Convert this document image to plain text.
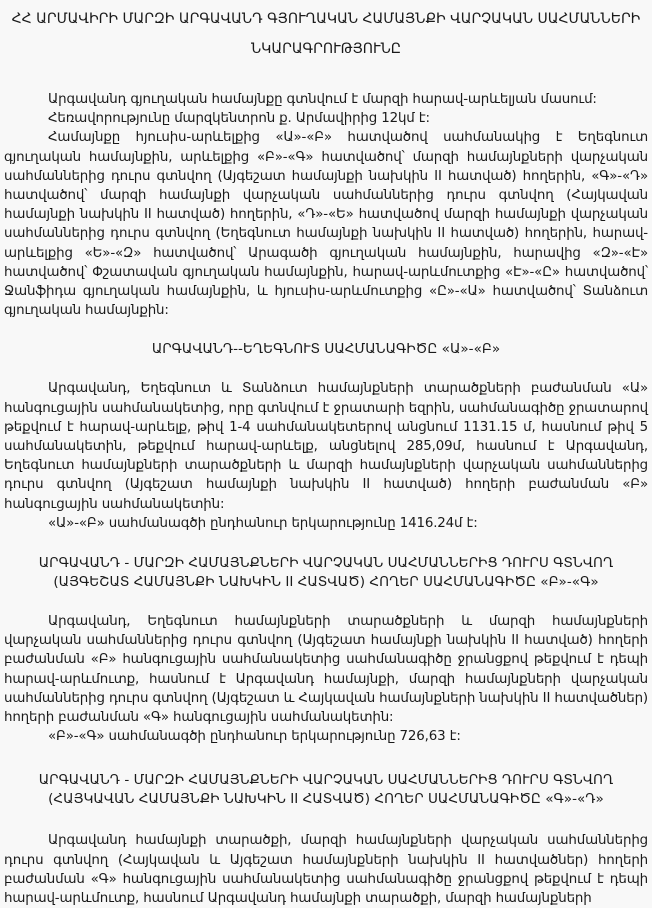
ՀՀ ԱՐՄԱՎԻՐԻ ՄԱՐԶԻ ԱՐԳԱՎԱՆԴ ԳՅՈՒՂԱԿԱՆ ՀԱՄԱՅՆՔԻ ՎԱՐՉԱԿԱՆ ՍԱՀՄԱՆՆԵՐԻ
ՆԿԱՐԱԳՐՈՒԹՅՈՒՆԸ

Արգավանդ գյուղական համայնքը գտնվում է մարզի հարավ-արևելյան մասում:

Հեռավորությունը մարզկենտրոն ք. Արմավիրից 12կմ է:

Համայնքը հյուսիս-արևելքից «Ա»-«Բ» հատվածով սահմանակից է Եղեգնուտ գյուղական համայնքին, արևելքից «Բ»-«Գ» հատվածով՝ մարզի համայնքների վարչական սահմաններից դուրս գտնվող (Այգեշատ համայնքի նախկին II հատված) հողերին, «Գ»-«Դ» հատվածով՝ մարզի համայնքի վարչական սահմաններից դուրս գտնվող (Հայկավան համայնքի նախկին II հատված) հողերին, «Դ»-«Ե» հատվածով մարզի համայնքի վարչական սահմաններից դուրս գտնվող (Եղեգնուտ համայնքի նախկին II հատված) հողերին, հարավ-արևելքից «Ե»-«Զ» հատվածով՝ Արագածի գյուղական համայնքին, հարավից «Զ»-«Է» հատվածով՝ Փշատավան գյուղական համայնքին, հարավ-արևմուտքից «Է»-«Ը» հատվածով՝ Ջանֆիդա գյուղական համայնքին, և հյուսիս-արևմուտքից «Ը»-«Ա» հատվածով՝ Տանձուտ գյուղական համայնքին:

ԱՐԳԱՎԱՆԴ--ԵՂԵԳՆՈՒՏ ՍԱՀՄԱՆԱԳԻԾԸ «Ա»-«Բ»

Արգավանդ, Եղեգնուտ և Տանձուտ համայնքների տարածքների բաժանման «Ա» հանգուցային սահմանակետից, որը գտնվում է ջրատարի եզրին, սահմանագիծը ջրատարով թեքվում է հարավ-արևելք, թիվ 1-4 սահմանակետերով անցնում 1131.15 մ, հասնում թիվ 5 սահմանակետին, թեքվում հարավ-արևելք, անցնելով 285,09մ, հասնում է Արգավանդ, Եղեգնուտ համայնքների տարածքների և մարզի համայնքների վարչական սահմաններից դուրս գտնվող (Այգեշատ համայնքի նախկին II հատված) հողերի բաժանման «Բ» հանգուցային սահմանակետին:

«Ա»-«Բ» սահմանագծի ընդհանուր երկարությունը 1416.24մ է:

ԱՐԳԱՎԱՆԴ - ՄԱՐԶԻ ՀԱՄԱՅՆՔՆԵՐԻ ՎԱՐՉԱԿԱՆ ՍԱՀՄԱՆՆԵՐԻՑ ԴՈՒՐՍ ԳՏՆՎՈՂ
(ԱՅԳԵՇԱՏ ՀԱՄԱՅՆՔԻ ՆԱԽԿԻՆ II ՀԱՏՎԱԾ) ՀՈՂԵՐ ՍԱՀՄԱՆԱԳԻԾԸ «Բ»-«Գ»

Արգավանդ, Եղեգնուտ համայնքների տարածքների և մարզի համայնքների վարչական սահմաններից դուրս գտնվող (Այգեշատ համայնքի նախկին II հատված) հողերի բաժանման «Բ» հանգուցային սահմանակետից սահմանագիծը ջրանցքով թեքվում է դեպի հարավ-արևմուտք, հասնում է Արգավանդ համայնքի, մարզի համայնքների վարչական սահմաններից դուրս գտնվող (Այգեշատ և Հայկավան համայնքների նախկին II հատվածներ) հողերի բաժանման «Գ» հանգուցային սահմանակետին:

«Բ»-«Գ» սահմանագծի ընդհանուր երկարությունը 726,63 է:

ԱՐԳԱՎԱՆԴ - ՄԱՐԶԻ ՀԱՄԱՅՆՔՆԵՐԻ ՎԱՐՉԱԿԱՆ ՍԱՀՄԱՆՆԵՐԻՑ ԴՈՒՐՍ ԳՏՆՎՈՂ
(ՀԱՅԿԱՎԱՆ ՀԱՄԱՅՆՔԻ ՆԱԽԿԻՆ II ՀԱՏՎԱԾ) ՀՈՂԵՐ ՍԱՀՄԱՆԱԳԻԾԸ «Գ»-«Դ»

Արգավանդ համայնքի տարածքի, մարզի համայնքների վարչական սահմաններից դուրս գտնվող (Հայկավան և Այգեշատ համայնքների նախկին II հատվածներ) հողերի բաժանման «Գ» հանգուցային սահմանակետից սահմանագիծը ջրանցքով թեքվում է դեպի հարավ-արևմուտք, հասնում Արգավանդ համայնքի տարածքի, մարզի համայնքների
